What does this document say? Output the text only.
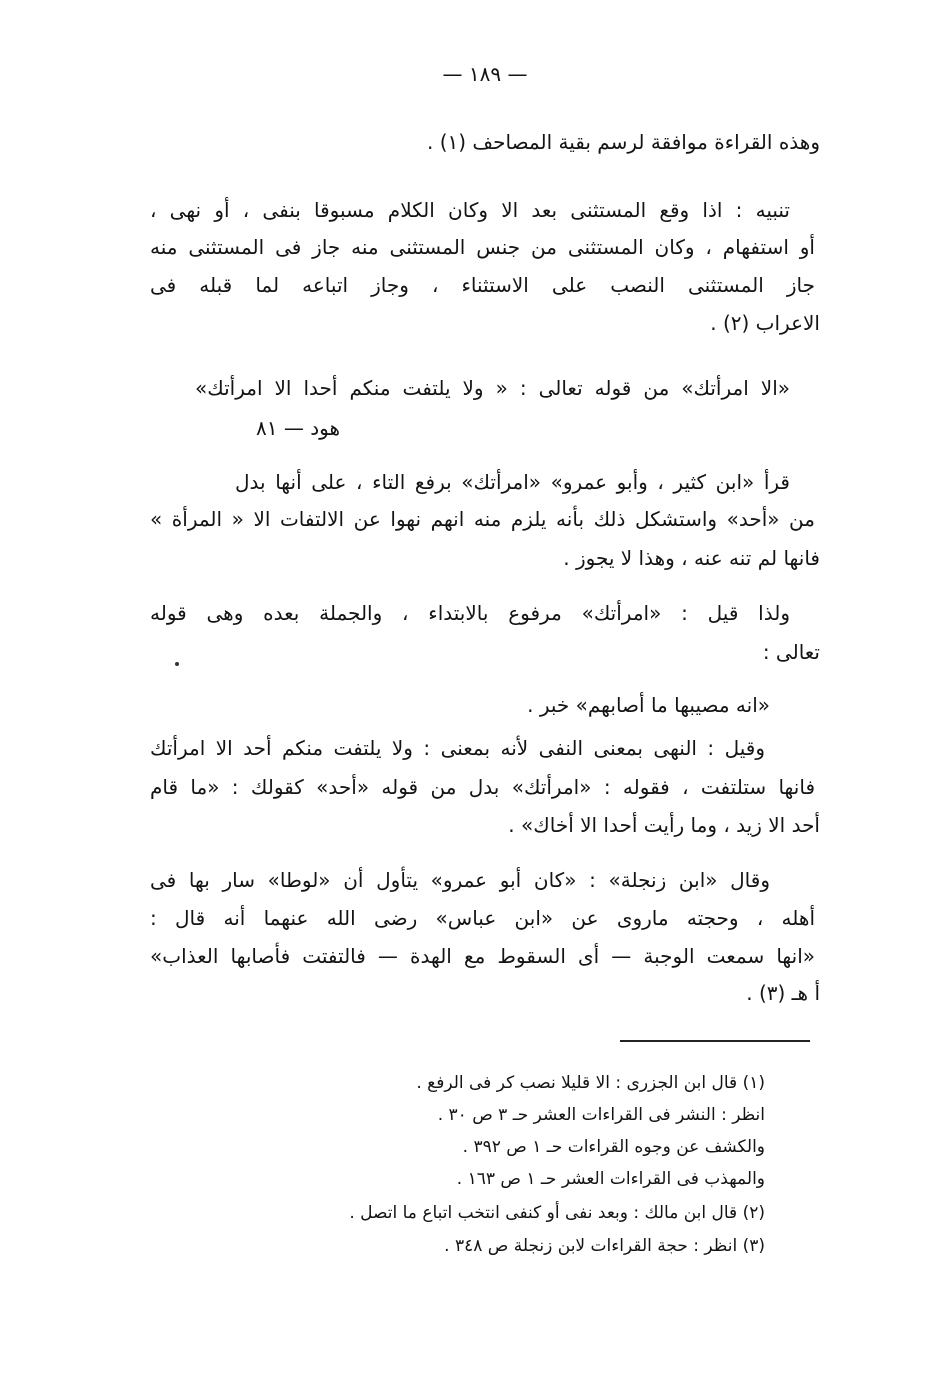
— ١٨٩ —
وهذه القراءة موافقة لرسم بقية المصاحف (١) .
تنبيه : اذا وقع المستثنى بعد الا وكان الكلام مسبوقا بنفى ، أو نهى ،
أو استفهام ، وكان المستثنى من جنس المستثنى منه جاز فى المستثنى منه
جاز المستثنى النصب على الاستثناء ، وجاز اتباعه لما قبله فى
الاعراب (٢) .
«الا امرأتك» من قوله تعالى : « ولا يلتفت منكم أحدا الا امرأتك»
هود — ٨١
قرأ «ابن كثير ، وأبو عمرو» «امرأتك» برفع التاء ، على أنها بدل
من «أحد» واستشكل ذلك بأنه يلزم منه انهم نهوا عن الالتفات الا « المرأة »
فانها لم تنه عنه ، وهذا لا يجوز .
ولذا قيل : «امرأتك» مرفوع بالابتداء ، والجملة بعده وهى قوله
تعالى :
«انه مصيبها ما أصابهم» خبر .
وقيل : النهى بمعنى النفى لأنه بمعنى : ولا يلتفت منكم أحد الا امرأتك
فانها ستلتفت ، فقوله : «امرأتك» بدل من قوله «أحد» كقولك : «ما قام
أحد الا زيد ، وما رأيت أحدا الا أخاك» .
وقال «ابن زنجلة» : «كان أبو عمرو» يتأول أن «لوطا» سار بها فى
أهله ، وحجته ماروى عن «ابن عباس» رضى الله عنهما أنه قال :
«انها سمعت الوجبة — أى السقوط مع الهدة — فالتفتت فأصابها العذاب»
أ هـ (٣) .
(١) قال ابن الجزرى : الا قليلا نصب كر فى الرفع .
انظر : النشر فى القراءات العشر حـ ٣ ص ٣٠ .
والكشف عن وجوه القراءات حـ ١ ص ٣٩٢ .
والمهذب فى القراءات العشر حـ ١ ص ١٦٣ .
(٢) قال ابن مالك : وبعد نفى أو كنفى انتخب اتباع ما اتصل .
(٣) انظر : حجة القراءات لابن زنجلة ص ٣٤٨ .
